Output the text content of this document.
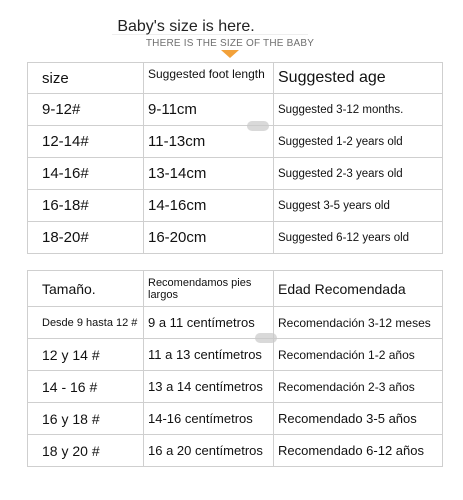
Baby's size is here.
THERE IS THE SIZE OF THE BABY
size	Suggested foot length	Suggested age
9-12#	9-11cm	Suggested 3-12 months.
12-14#	11-13cm	Suggested 1-2 years old
14-16#	13-14cm	Suggested 2-3 years old
16-18#	14-16cm	Suggest 3-5 years old
18-20#	16-20cm	Suggested 6-12 years old
Tamaño.	Recomendamos pies largos	Edad Recomendada
Desde 9 hasta 12 #	9 a 11 centímetros	Recomendación 3-12 meses
12 y 14 #	11 a 13 centímetros	Recomendación 1-2 años
14 - 16 #	13 a 14 centímetros	Recomendación 2-3 años
16 y 18 #	14-16 centímetros	Recomendado 3-5 años
18 y 20 #	16 a 20 centímetros	Recomendado 6-12 años
